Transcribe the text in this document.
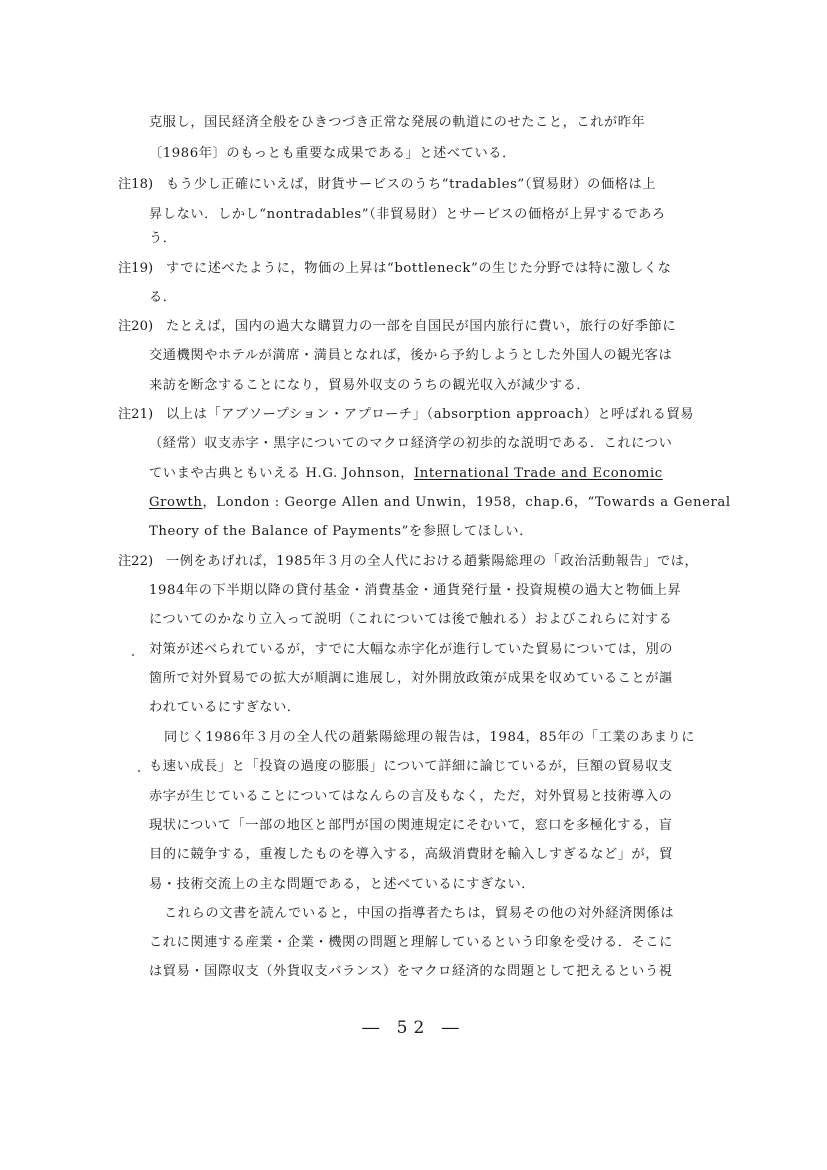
克服し，国民経済全般をひきつづき正常な発展の軌道にのせたこと，これが昨年
〔1986年〕のもっとも重要な成果である」と述べている．
注18) もう少し正確にいえば，財貨サービスのうち“tradables”（貿易財）の価格は上
昇しない．しかし“nontradables”（非貿易財）とサービスの価格が上昇するであろ
う．
注19) すでに述べたように，物価の上昇は“bottleneck”の生じた分野では特に激しくな
る．
注20) たとえば，国内の過大な購買力の一部を自国民が国内旅行に費い，旅行の好季節に
交通機関やホテルが満席・満員となれば，後から予約しようとした外国人の観光客は
来訪を断念することになり，貿易外収支のうちの観光収入が減少する．
注21) 以上は「アブソープション・アプローチ」（absorption approach）と呼ばれる貿易
（経常）収支赤字・黒字についてのマクロ経済学の初歩的な説明である．これについ
ていまや古典ともいえる H.G. Johnson，International Trade and Economic
Growth，London : George Allen and Unwin，1958，chap.6，“Towards a General
Theory of the Balance of Payments”を参照してほしい．
注22) 一例をあげれば，1985年３月の全人代における趙紫陽総理の「政治活動報告」では，
1984年の下半期以降の貸付基金・消費基金・通貨発行量・投資規模の過大と物価上昇
についてのかなり立入って説明（これについては後で触れる）およびこれらに対する
対策が述べられているが，すでに大幅な赤字化が進行していた貿易については，別の
箇所で対外貿易での拡大が順調に進展し，対外開放政策が成果を収めていることが謳
われているにすぎない．
同じく1986年３月の全人代の趙紫陽総理の報告は，1984，85年の「工業のあまりに
も速い成長」と「投資の過度の膨脹」について詳細に論じているが，巨額の貿易収支
赤字が生じていることについてはなんらの言及もなく，ただ，対外貿易と技術導入の
現状について「一部の地区と部門が国の関連規定にそむいて，窓口を多極化する，盲
目的に競争する，重複したものを導入する，高級消費財を輸入しすぎるなど」が，貿
易・技術交流上の主な問題である，と述べているにすぎない．
これらの文書を読んでいると，中国の指導者たちは，貿易その他の対外経済関係は
これに関連する産業・企業・機関の問題と理解しているという印象を受ける．そこに
は貿易・国際収支（外貨収支バランス）をマクロ経済的な問題として把えるという視
― 52 ―
